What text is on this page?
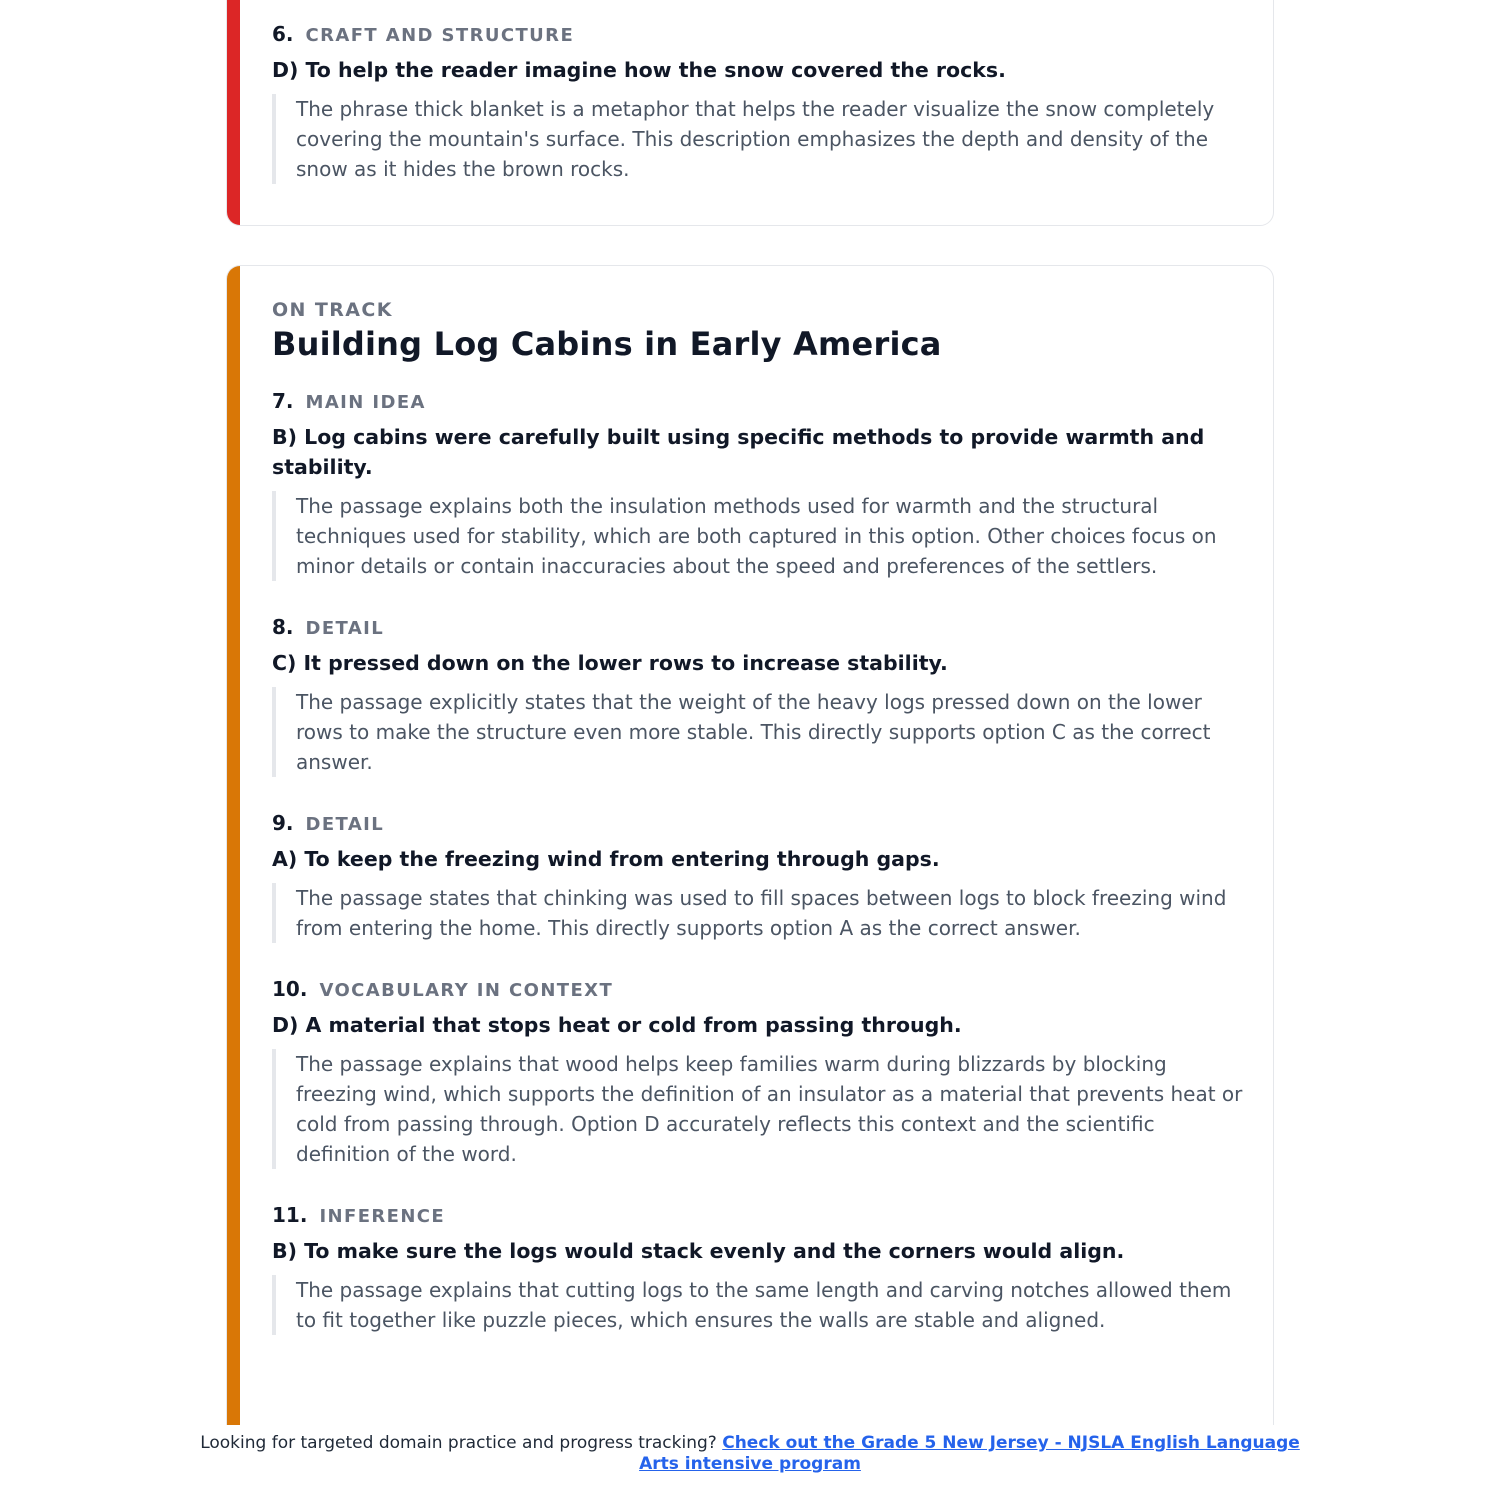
6. CRAFT AND STRUCTURE

D) To help the reader imagine how the snow covered the rocks.

The phrase thick blanket is a metaphor that helps the reader visualize the snow completely covering the mountain's surface. This description emphasizes the depth and density of the snow as it hides the brown rocks.

ON TRACK
Building Log Cabins in Early America
7. MAIN IDEA

B) Log cabins were carefully built using specific methods to provide warmth and stability.

The passage explains both the insulation methods used for warmth and the structural techniques used for stability, which are both captured in this option. Other choices focus on minor details or contain inaccuracies about the speed and preferences of the settlers.

8. DETAIL

C) It pressed down on the lower rows to increase stability.

The passage explicitly states that the weight of the heavy logs pressed down on the lower rows to make the structure even more stable. This directly supports option C as the correct answer.

9. DETAIL

A) To keep the freezing wind from entering through gaps.

The passage states that chinking was used to fill spaces between logs to block freezing wind from entering the home. This directly supports option A as the correct answer.

10. VOCABULARY IN CONTEXT

D) A material that stops heat or cold from passing through.

The passage explains that wood helps keep families warm during blizzards by blocking freezing wind, which supports the definition of an insulator as a material that prevents heat or cold from passing through. Option D accurately reflects this context and the scientific definition of the word.

11. INFERENCE

B) To make sure the logs would stack evenly and the corners would align.

The passage explains that cutting logs to the same length and carving notches allowed them to fit together like puzzle pieces, which ensures the walls are stable and aligned.

Looking for targeted domain practice and progress tracking? Check out the Grade 5 New Jersey - NJSLA English Language Arts intensive program
